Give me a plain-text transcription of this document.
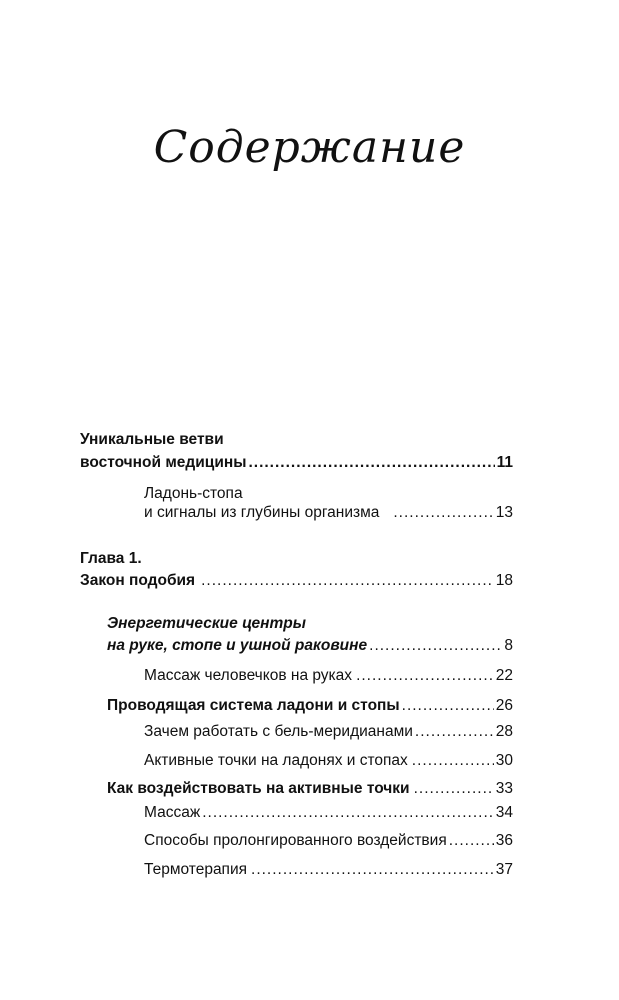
Содержание
Уникальные ветви
восточной медицины .....	11
Ладонь-стопа
и сигналы из глубины организма .....	13
Глава 1.
Закон подобия .....	18
Энергетические центры
на руке, стопе и ушной раковине .....	8
Массаж человечков на руках .....	22
Проводящая система ладони и стопы .....	26
Зачем работать с бель-меридианами .....	28
Активные точки на ладонях и стопах .....	30
Как воздействовать на активные точки .....	33
Массаж .....	34
Способы пролонгированного воздействия .....	36
Термотерапия .....	37
